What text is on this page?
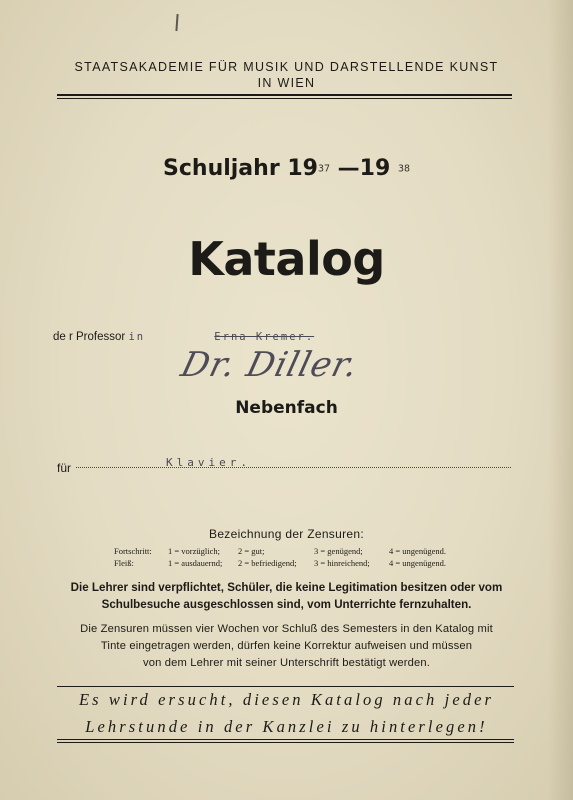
STAATSAKADEMIE FÜR MUSIK UND DARSTELLENDE KUNST
IN WIEN
Schuljahr 1937 —19 38
Katalog
de r Professor in	Erna Kremer.
Dr. Diller.
Nebenfach
für	Klavier.
Bezeichnung der Zensuren:
Fortschritt: 1 = vorzüglich; 2 = gut;	3 = genügend;	4 = ungenügend.
Fleiß:	1 = ausdauernd; 2 = befriedigend; 3 = hinreichend; 4 = ungenügend.
Die Lehrer sind verpflichtet, Schüler, die keine Legitimation besitzen oder vom
Schulbesuche ausgeschlossen sind, vom Unterrichte fernzuhalten.
Die Zensuren müssen vier Wochen vor Schluß des Semesters in den Katalog mit
Tinte eingetragen werden, dürfen keine Korrektur aufweisen und müssen
von dem Lehrer mit seiner Unterschrift bestätigt werden.
Es wird ersucht, diesen Katalog nach jeder
Lehrstunde in der Kanzlei zu hinterlegen!
